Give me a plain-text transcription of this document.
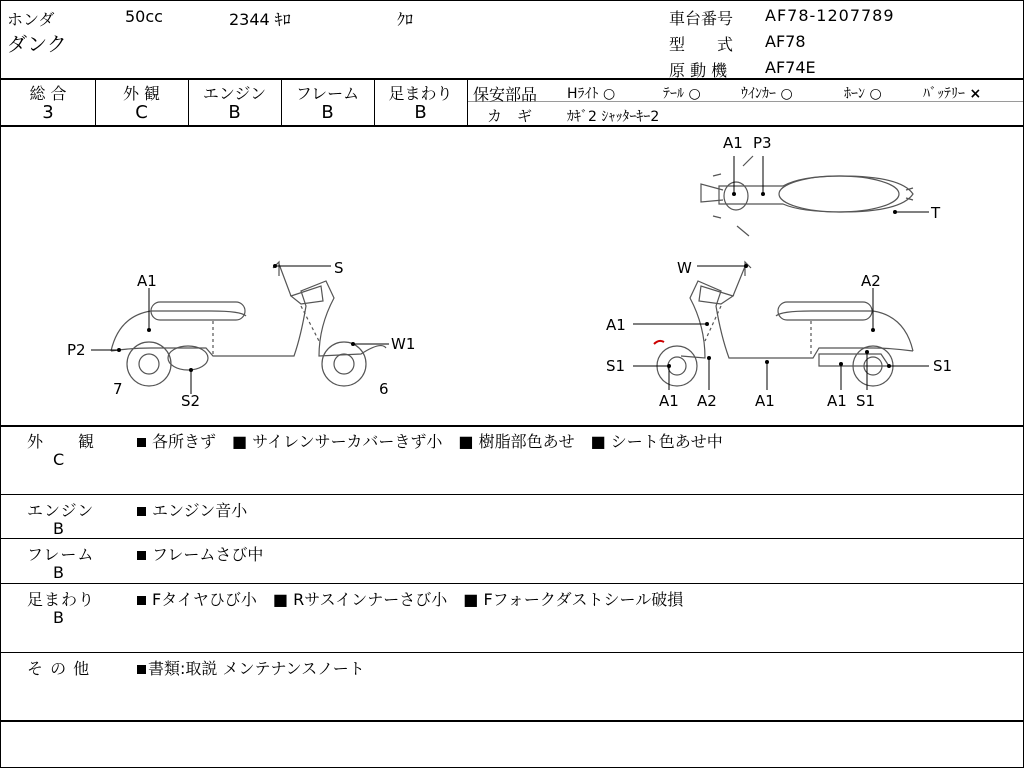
ホンダ	50cc	2344 ｷﾛ	ｸﾛ
ダンク
車台番号 AF78-1207789
型　　式 AF78
原 動 機 AF74E
総 合
3
外 観
C
エンジン
B
フレーム
B
足まわり
B
保安部品 Hﾗｲﾄ ○	ﾃｰﾙ ○	ｳｲﾝｶｰ ○	ﾎｰﾝ ○	ﾊﾞｯﾃﾘｰ ×
カ　ギ ｶｷﾞ2 ｼｬｯﾀｰｷｰ2
A1 P3
T
A1
S
P2	W1
7
S2
6
W
A2
A1
S1	S1
A1 A2	A1	A1 S1
外　　観
C
各所きず　■ サイレンサーカバーきず小　■ 樹脂部色あせ　■ シート色あせ中
エンジン
B
エンジン音小
フレーム
B
フレームさび中
足まわり
B
Fタイヤひび小　■ Rサスインナーさび小　■ Fフォークダストシール破損
そ の 他	書類:取説 メンテナンスノート
